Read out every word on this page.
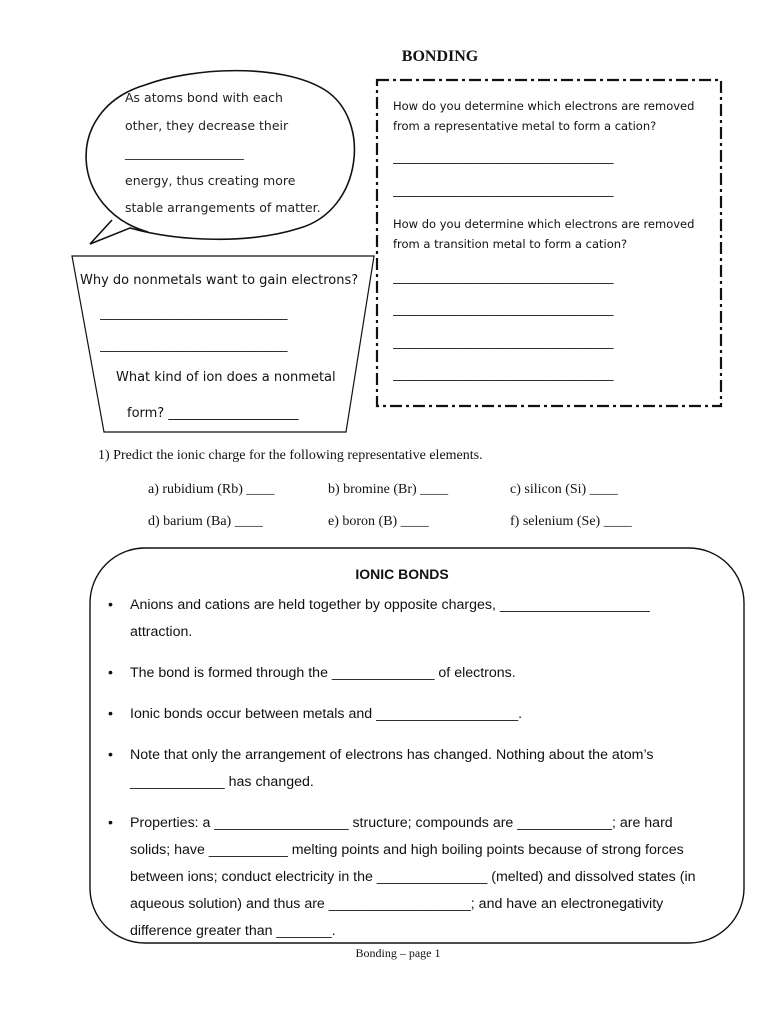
BONDING
As atoms bond with each
other, they decrease their
___________________
energy, thus creating more
stable arrangements of matter.
Why do nonmetals want to gain electrons?
__________________________________
__________________________________
What kind of ion does a nonmetal
form? ____________________
How do you determine which electrons are removed from a representative metal to form a cation?
________________________________________
________________________________________
How do you determine which electrons are removed from a transition metal to form a cation?
________________________________________
________________________________________
________________________________________
________________________________________
1) Predict the ionic charge for the following representative elements.
a) rubidium (Rb) ____	b) bromine (Br) ____	c) silicon (Si) ____
d) barium (Ba) ____	e) boron (B) ____	f) selenium (Se) ____
IONIC BONDS
• Anions and cations are held together by opposite charges, ___________________ attraction.
• The bond is formed through the _____________ of electrons.
• Ionic bonds occur between metals and __________________.
• Note that only the arrangement of electrons has changed. Nothing about the atom’s ____________ has changed.
• Properties: a _________________ structure; compounds are ____________; are hard solids; have __________ melting points and high boiling points because of strong forces between ions; conduct electricity in the ______________ (melted) and dissolved states (in aqueous solution) and thus are __________________; and have an electronegativity difference greater than _______.
Bonding – page 1
